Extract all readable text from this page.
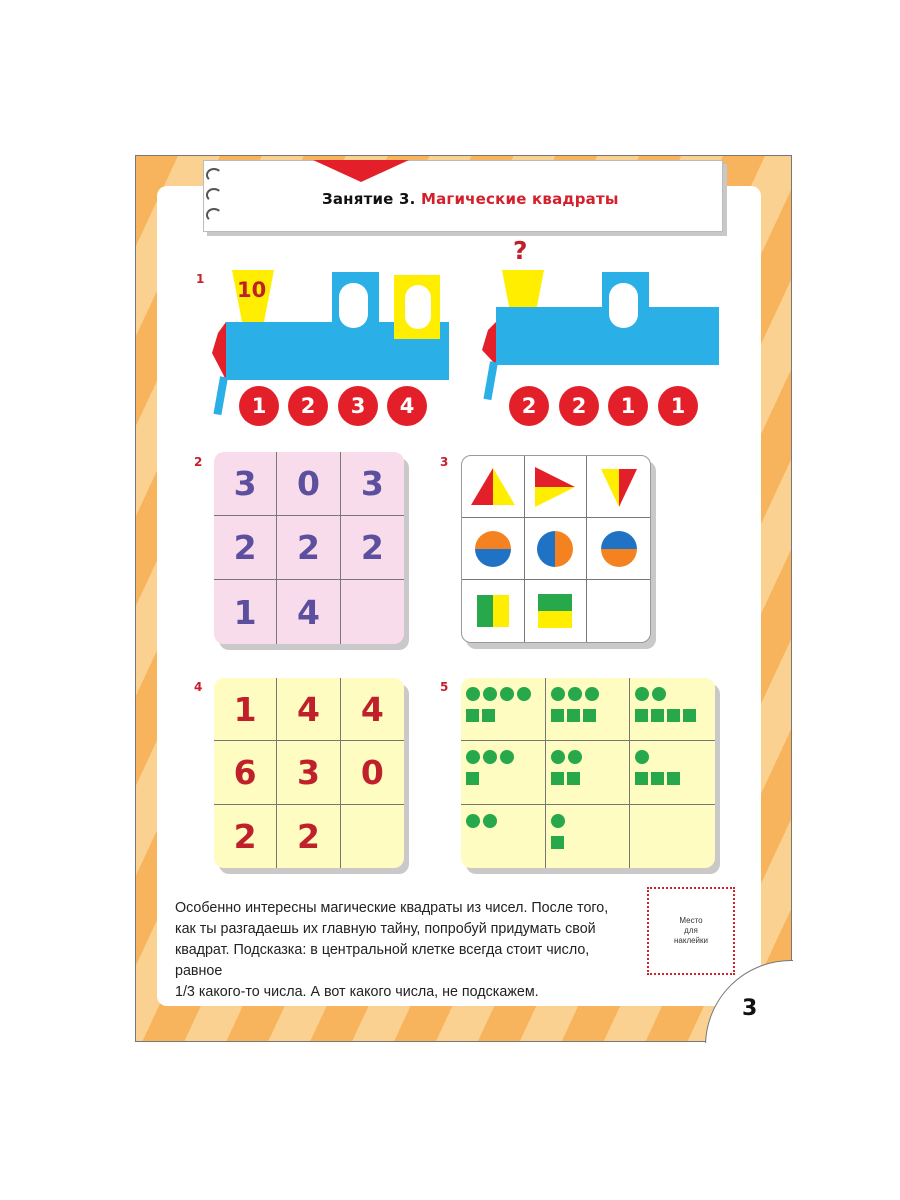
Занятие 3. Магические квадраты
1 10
1	2	3	4
?
2	2	1	1
2
3	0	3
2	2	2
1	4
3
4
1	4	4
6	3	0
2	2
5

Особенно интересны магические квадраты из чисел. После того,
как ты разгадаешь их главную тайну, попробуй придумать свой
квадрат. Подсказка: в центральной клетке всегда стоит число, равное
1/3 какого-то числа. А вот какого числа, не подскажем.

Место
для
наклейки
3
